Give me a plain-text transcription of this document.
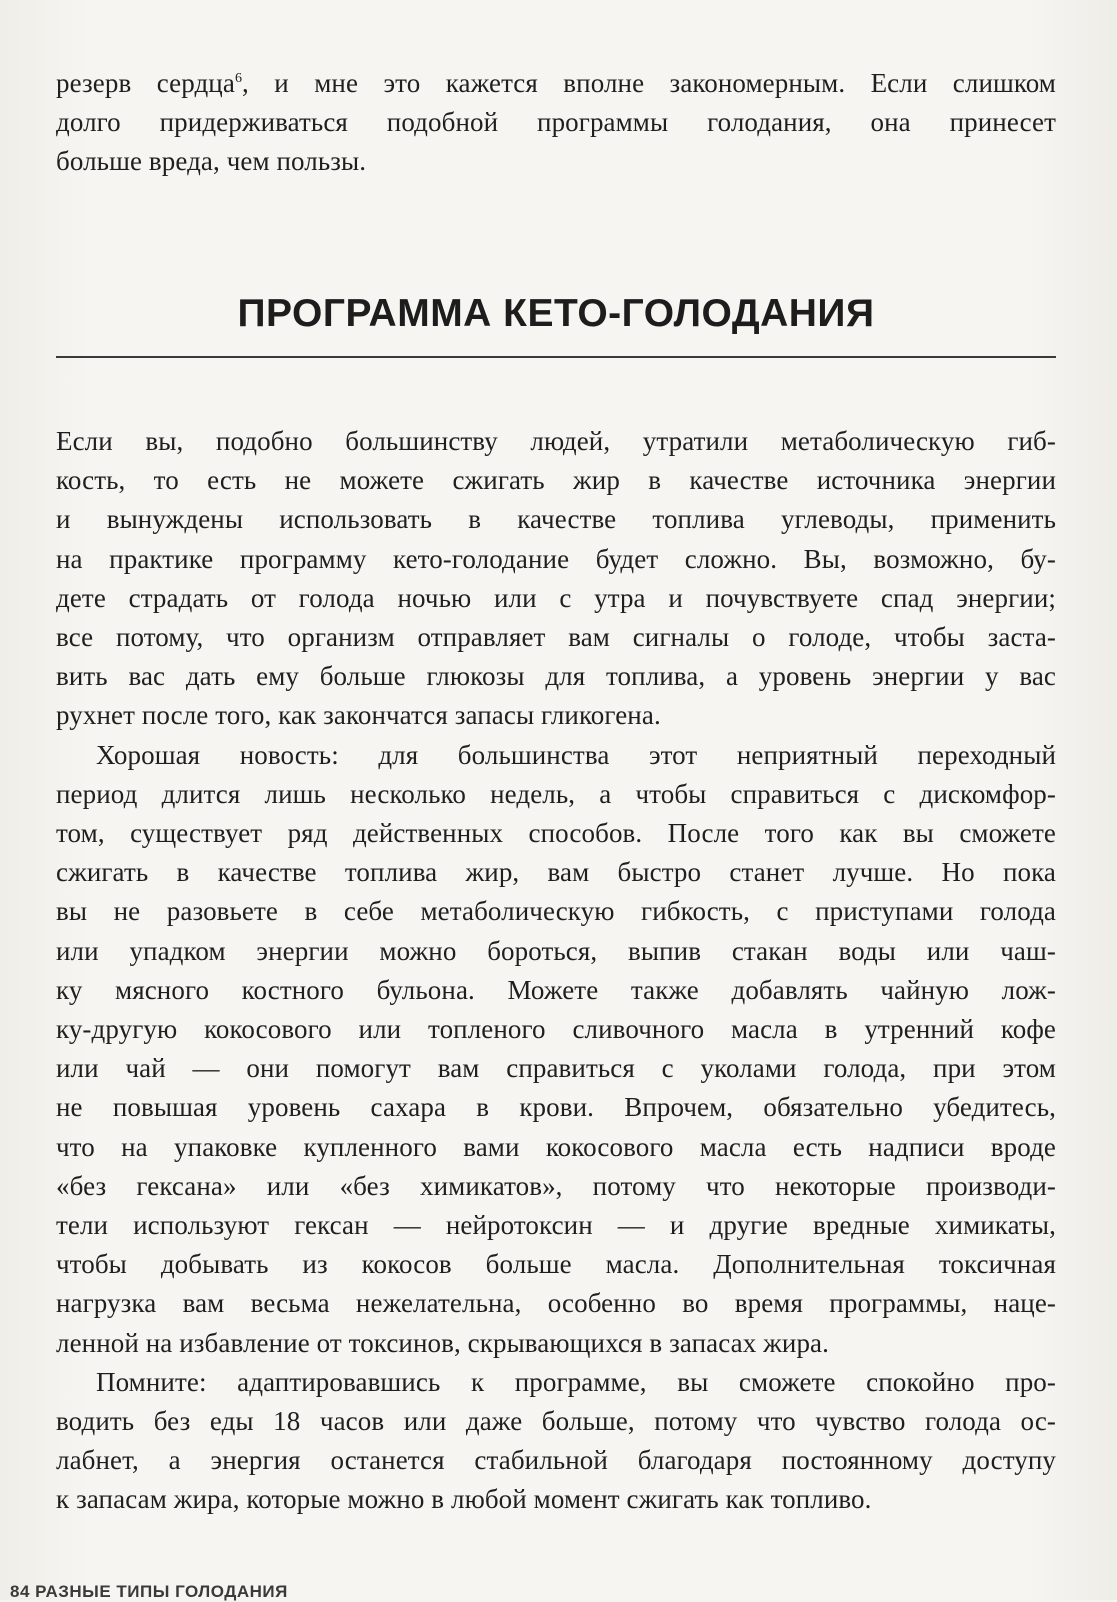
резерв сердца$^6$, и мне это кажется вполне закономерным. Если слишком
долго придерживаться подобной программы голодания, она принесет
больше вреда, чем пользы.

ПРОГРАММА КЕТО-ГОЛОДАНИЯ

Если вы, подобно большинству людей, утратили метаболическую гиб-
кость, то есть не можете сжигать жир в качестве источника энергии
и вынуждены использовать в качестве топлива углеводы, применить
на практике программу кето-голодание будет сложно. Вы, возможно, бу-
дете страдать от голода ночью или с утра и почувствуете спад энергии;
все потому, что организм отправляет вам сигналы о голоде, чтобы заста-
вить вас дать ему больше глюкозы для топлива, а уровень энергии у вас
рухнет после того, как закончатся запасы гликогена.

Хорошая новость: для большинства этот неприятный переходный
период длится лишь несколько недель, а чтобы справиться с дискомфор-
том, существует ряд действенных способов. После того как вы сможете
сжигать в качестве топлива жир, вам быстро станет лучше. Но пока
вы не разовьете в себе метаболическую гибкость, с приступами голода
или упадком энергии можно бороться, выпив стакан воды или чаш-
ку мясного костного бульона. Можете также добавлять чайную лож-
ку-другую кокосового или топленого сливочного масла в утренний кофе
или чай — они помогут вам справиться с уколами голода, при этом
не повышая уровень сахара в крови. Впрочем, обязательно убедитесь,
что на упаковке купленного вами кокосового масла есть надписи вроде
«без гексана» или «без химикатов», потому что некоторые производи-
тели используют гексан — нейротоксин — и другие вредные химикаты,
чтобы добывать из кокосов больше масла. Дополнительная токсичная
нагрузка вам весьма нежелательна, особенно во время программы, наце-
ленной на избавление от токсинов, скрывающихся в запасах жира.

Помните: адаптировавшись к программе, вы сможете спокойно про-
водить без еды 18 часов или даже больше, потому что чувство голода ос-
лабнет, а энергия останется стабильной благодаря постоянному доступу
к запасам жира, которые можно в любой момент сжигать как топливо.

84 РАЗНЫЕ ТИПЫ ГОЛОДАНИЯ
